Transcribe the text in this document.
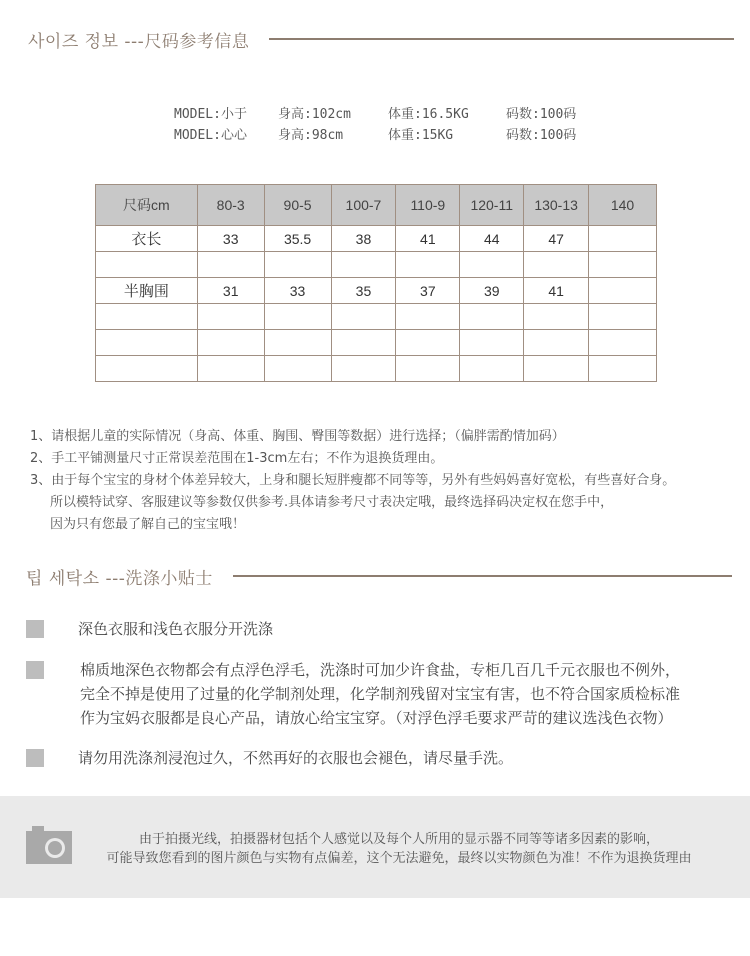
사이즈 정보 ---尺码参考信息
MODEL:小于	身高:102cm	体重:16.5KG	码数:100码
MODEL:心心	身高:98cm	体重:15KG	码数:100码
尺码cm	80-3	90-5	100-7	110-9	120-11	130-13	140
衣长	33	35.5	38	41	44	47	

半胸围	31	33	35	37	39	41	

1、请根据儿童的实际情况（身高、体重、胸围、臀围等数据）进行选择；（偏胖需酌情加码）
2、手工平铺测量尺寸正常误差范围在1-3cm左右；不作为退换货理由。
3、由于每个宝宝的身材个体差异较大，上身和腿长短胖瘦都不同等等，另外有些妈妈喜好宽松，有些喜好合身。
所以模特试穿、客服建议等参数仅供参考.具体请参考尺寸表决定哦，最终选择码决定权在您手中，
因为只有您最了解自己的宝宝哦！
팁 세탁소 ---洗涤小贴士
深色衣服和浅色衣服分开洗涤
棉质地深色衣物都会有点浮色浮毛，洗涤时可加少许食盐，专柜几百几千元衣服也不例外，
完全不掉是使用了过量的化学制剂处理，化学制剂残留对宝宝有害，也不符合国家质检标准
作为宝妈衣服都是良心产品，请放心给宝宝穿。（对浮色浮毛要求严苛的建议选浅色衣物）
请勿用洗涤剂浸泡过久，不然再好的衣服也会褪色，请尽量手洗。
由于拍摄光线，拍摄器材包括个人感觉以及每个人所用的显示器不同等等诸多因素的影响，
可能导致您看到的图片颜色与实物有点偏差，这个无法避免，最终以实物颜色为准！不作为退换货理由
